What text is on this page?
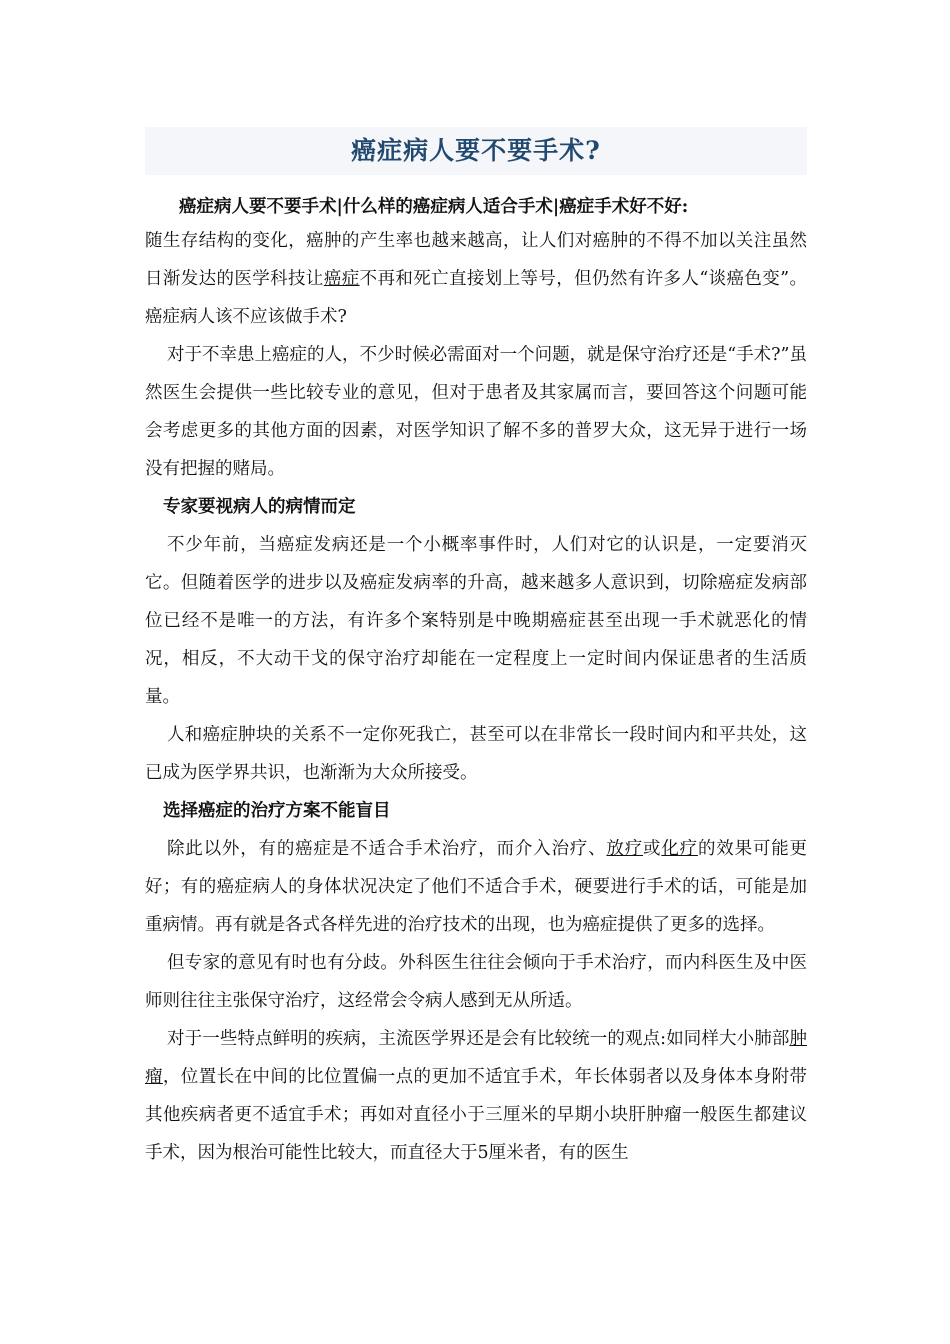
癌症病人要不要手术?

癌症病人要不要手术|什么样的癌症病人适合手术|癌症手术好不好:

随生存结构的变化，癌肿的产生率也越来越高，让人们对癌肿的不得不加以关注虽然日渐发达的医学科技让癌症不再和死亡直接划上等号，但仍然有许多人“谈癌色变”。癌症病人该不应该做手术?

对于不幸患上癌症的人，不少时候必需面对一个问题，就是保守治疗还是“手术?”虽然医生会提供一些比较专业的意见，但对于患者及其家属而言，要回答这个问题可能会考虑更多的其他方面的因素，对医学知识了解不多的普罗大众，这无异于进行一场没有把握的赌局。

专家要视病人的病情而定

不少年前，当癌症发病还是一个小概率事件时，人们对它的认识是，一定要消灭它。但随着医学的进步以及癌症发病率的升高，越来越多人意识到，切除癌症发病部位已经不是唯一的方法，有许多个案特别是中晚期癌症甚至出现一手术就恶化的情况，相反，不大动干戈的保守治疗却能在一定程度上一定时间内保证患者的生活质量。

人和癌症肿块的关系不一定你死我亡，甚至可以在非常长一段时间内和平共处，这已成为医学界共识，也渐渐为大众所接受。

选择癌症的治疗方案不能盲目

除此以外，有的癌症是不适合手术治疗，而介入治疗、放疗或化疗的效果可能更好；有的癌症病人的身体状况决定了他们不适合手术，硬要进行手术的话，可能是加重病情。再有就是各式各样先进的治疗技术的出现，也为癌症提供了更多的选择。

但专家的意见有时也有分歧。外科医生往往会倾向于手术治疗，而内科医生及中医师则往往主张保守治疗，这经常会令病人感到无从所适。

对于一些特点鲜明的疾病，主流医学界还是会有比较统一的观点:如同样大小肺部肿瘤，位置长在中间的比位置偏一点的更加不适宜手术，年长体弱者以及身体本身附带其他疾病者更不适宜手术；再如对直径小于三厘米的早期小块肝肿瘤一般医生都建议手术，因为根治可能性比较大，而直径大于5厘米者，有的医生
